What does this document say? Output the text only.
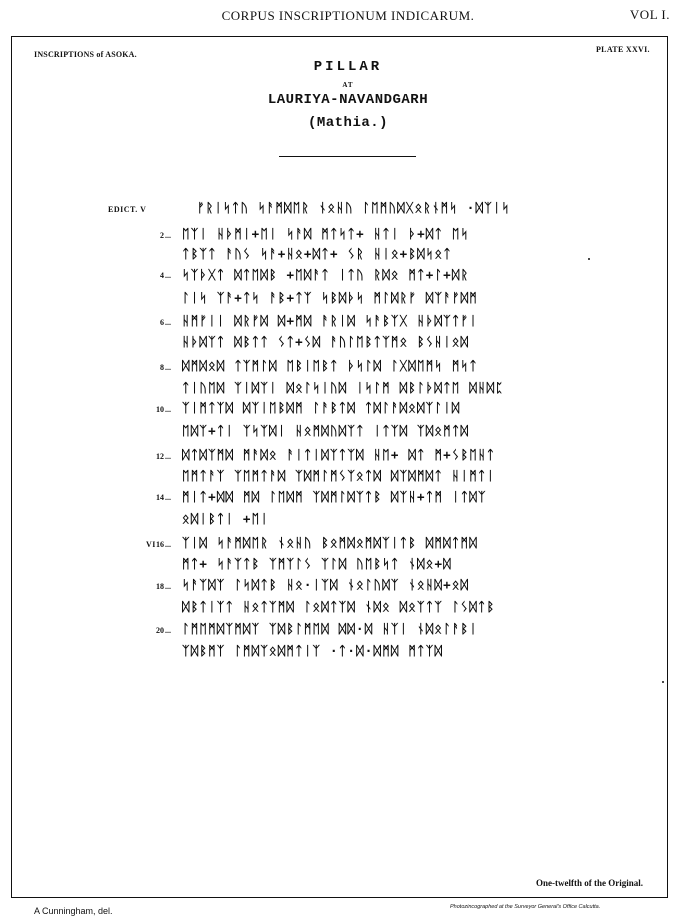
CORPUS INSCRIPTIONUM INDICARUM.	VOL I.
INSCRIPTIONS of ASOKA.
PLATE XXVI.
PILLAR
AT
LAURIYA-NAVANDGARH
(Mathia.)
EDICT. V
VI
2 ...
4 ...
6 ...
8 ...
10 ...
12 ...
14 ...
16 ...
18 ...
20 ...
ᚠᚱᛁᛋᛏᚢ ᛋᚨᛗᛞᛖᚱ ᚾᛟᚺᚢ ᛚᛖᛗᚢᛞᚷᛟᚱᚾᛗᛋ ·ᛞᛉᛁᛋ
ᛖᛉᛁ ᚺᚦᛗᛁ+ᛖᛁ ᛋᚨᛞ ᛗᛏᛋᛏ+ ᚺᛏᛁ ᚦ+ᛞᛏ ᛖᛋ
ᛏᛒᛉᛏ ᚨᚢᛊ ᛋᚨ+ᚺᛟ+ᛞᛏ+ ᛊᚱ ᚺᛁᛟ+ᛒᛞᛋᛟᛏ
ᛋᛉᚦᚷᛏ ᛞᛏᛖᛞᛒ +ᛖᛞᚨᛏ ᛁᛏᚢ ᚱᛞᛟ ᛗᛏ+ᛚ+ᛞᚱ
ᛚᛁᛋ ᛉᚨ+ᛏᛋ ᚨᛒ+ᛏᛉ ᛋᛒᛞᚦᛋ ᛗᛚᛞᚱᚠ ᛞᛉᚨᚠᛞᛗ
ᚺᛗᚠᛁᛁ ᛞᚱᚠᛞ ᛞ+ᛗᛞ ᚨᚱᛁᛞ ᛋᚨᛒᛉᚷ ᚺᚦᛞᛉᛏᚠᛁ
ᚺᚦᛞᛉᛏ ᛞᛒᛏᛏ ᛊᛏ+ᛊᛞ ᚨᚢᛚᛖᛒᛏᛉᛗᛟ ᛒᛊᚺᛁᛟᛞ
ᛞᛗᛞᛟᛞ ᛏᛉᛗᛚᛞ ᛖᛒᛁᛖᛒᛏ ᚦᛋᛚᛞ ᛚᚷᛞᛖᛗᛋ ᛗᛋᛏ
ᛏᛁᚢᛖᛞ ᛉᛁᛞᛉᛁ ᛞᛟᛚᛋᛁᚢᛞ ᛁᛋᛚᛗ ᛞᛒᛚᚦᛞᛏᛖ ᛞᚺᛞᛈ
ᛉᛁᛗᛏᛉᛞ ᛞᛉᛁᛖᛒᛞᛗ ᛚᚨᛒᛏᛞ ᛏᛞᛚᚨᛞᛟᛞᛉᛚᛁᛞ
ᛖᛞᛉ+ᛏᛁ ᛉᛋᛉᛞᛁ ᚺᛟᛗᛞᚢᛞᛉᛏ ᛁᛏᛉᛞ ᛉᛞᛟᛗᛏᛞ
ᛞᛏᛞᛉᛗᛞ ᛗᚨᛞᛟ ᚨᛁᛏᛁᛞᛉᛏᛉᛞ ᚺᛖ+ ᛞᛏ ᛗ+ᛊᛒᛖᚺᛏ
ᛖᛗᛏᚨᛉ ᛉᛖᛗᛏᚨᛞ ᛉᛞᛗᛚᛗᛊᛉᛟᛏᛞ ᛞᛉᛞᛗᛞᛏ ᚺᛁᛗᛏᛁ
ᛗᛁᛏ+ᛞᛞ ᛗᛞ ᛚᛖᛞᛗ ᛉᛞᛗᛚᛞᛉᛏᛒ ᛞᛉᚺ+ᛏᛗ ᛁᛏᛞᛉ
ᛟᛞᛁᛒᛏᛁ +ᛖᛁ
ᛉᛁᛞ ᛋᚨᛗᛞᛖᚱ ᚾᛟᚺᚢ ᛒᛟᛗᛞᛟᛗᛞᛉᛁᛏᛒ ᛞᛗᛞᛏᛗᛞ
ᛗᛏ+ ᛋᚨᛉᛏᛒ ᛉᛗᛉᛚᛊ ᛉᛚᛞ ᚢᛖᛒᛋᛏ ᚾᛞᛟ+ᛞ
ᛋᚨᛉᛞᛉ ᛚᛋᛞᛏᛒ ᚺᛟ·ᛁᛉᛞ ᚾᛟᛚᚢᛞᛉ ᚾᛟᚺᛞ+ᛟᛞ
ᛞᛒᛏᛁᛉᛏ ᚺᛟᛏᛉᛗᛞ ᛚᛟᛞᛏᛉᛞ ᚾᛞᛟ ᛞᛟᛉᛏᛉ ᛚᛊᛞᛏᛒ
ᛚᛗᛖᛗᛞᛉᛗᛞᛉ ᛉᛞᛒᛚᛗᛖᛞ ᛞᛞ·ᛞ ᚺᛉᛁ ᚾᛞᛟᛚᚨᛒᛁ
ᛉᛞᛒᛗᛉ ᛚᛗᛞᛉᛟᛞᛗᛏᛁᛉ ·ᛏ·ᛞ·ᛞᛗᛞ ᛗᛏᛉᛞ
One-twelfth of the Original.
A Cunningham, del.	Photozincographed at the Surveyor General's Office Calcutta.
